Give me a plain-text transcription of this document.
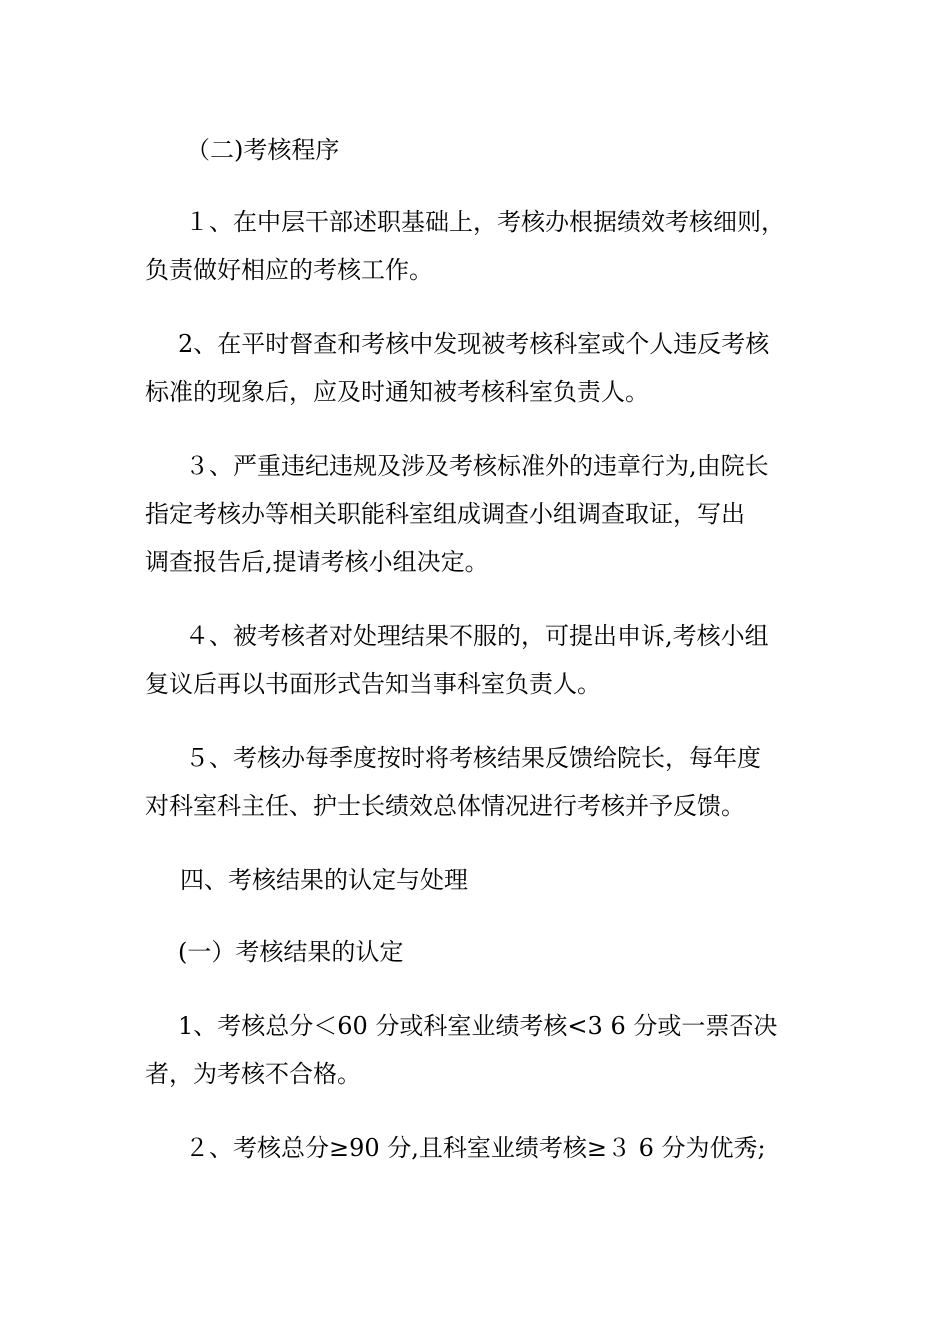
（二)考核程序
１、在中层干部述职基础上，考核办根据绩效考核细则，
负责做好相应的考核工作。
2、在平时督查和考核中发现被考核科室或个人违反考核
标准的现象后，应及时通知被考核科室负责人。
３、严重违纪违规及涉及考核标准外的违章行为,由院长
指定考核办等相关职能科室组成调查小组调查取证，写出
调查报告后,提请考核小组决定。
４、被考核者对处理结果不服的，可提出申诉,考核小组
复议后再以书面形式告知当事科室负责人。
５、考核办每季度按时将考核结果反馈给院长，每年度
对科室科主任、护士长绩效总体情况进行考核并予反馈。
四、考核结果的认定与处理
(一）考核结果的认定
1、考核总分＜60 分或科室业绩考核<3 6 分或一票否决
者，为考核不合格。
２、考核总分≥90 分,且科室业绩考核≥３ 6 分为优秀;
